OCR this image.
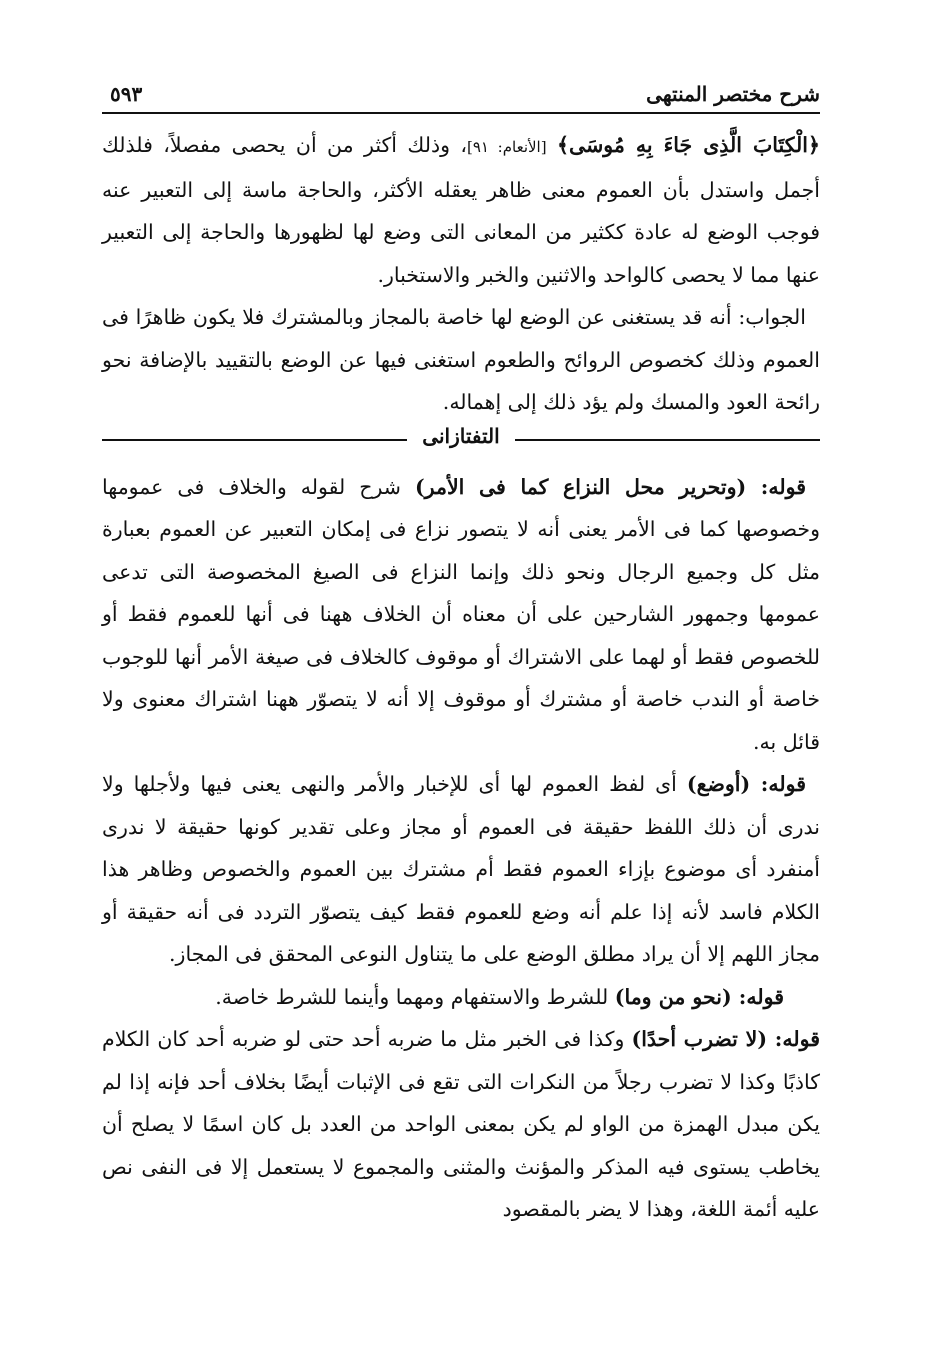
شرح مختصر المنتهى
٥٩٣

﴿الْكِتَابَ الَّذِى جَاءَ بِهِ مُوسَى﴾ [الأنعام: ٩١]، وذلك أكثر من أن يحصى مفصلاً، فلذلك أجمل واستدل بأن العموم معنى ظاهر يعقله الأكثر، والحاجة ماسة إلى التعبير عنه فوجب الوضع له عادة ككثير من المعانى التى وضع لها لظهورها والحاجة إلى التعبير عنها مما لا يحصى كالواحد والاثنين والخبر والاستخبار.

الجواب: أنه قد يستغنى عن الوضع لها خاصة بالمجاز وبالمشترك فلا يكون ظاهرًا فى العموم وذلك كخصوص الروائح والطعوم استغنى فيها عن الوضع بالتقييد بالإضافة نحو رائحة العود والمسك ولم يؤد ذلك إلى إهماله.

التفتازانى

قوله: (وتحرير محل النزاع كما فى الأمر) شرح لقوله والخلاف فى عمومها وخصوصها كما فى الأمر يعنى أنه لا يتصور نزاع فى إمكان التعبير عن العموم بعبارة مثل كل وجميع الرجال ونحو ذلك وإنما النزاع فى الصيغ المخصوصة التى تدعى عمومها وجمهور الشارحين على أن معناه أن الخلاف ههنا فى أنها للعموم فقط أو للخصوص فقط أو لهما على الاشتراك أو موقوف كالخلاف فى صيغة الأمر أنها للوجوب خاصة أو الندب خاصة أو مشترك أو موقوف إلا أنه لا يتصوّر ههنا اشتراك معنوى ولا قائل به.

قوله: (أوضع) أى لفظ العموم لها أى للإخبار والأمر والنهى يعنى فيها ولأجلها ولا ندرى أن ذلك اللفظ حقيقة فى العموم أو مجاز وعلى تقدير كونها حقيقة لا ندرى أمنفرد أى موضوع بإزاء العموم فقط أم مشترك بين العموم والخصوص وظاهر هذا الكلام فاسد لأنه إذا علم أنه وضع للعموم فقط كيف يتصوّر التردد فى أنه حقيقة أو مجاز اللهم إلا أن يراد مطلق الوضع على ما يتناول النوعى المحقق فى المجاز.

قوله: (نحو من وما) للشرط والاستفهام ومهما وأينما للشرط خاصة.

قوله: (لا تضرب أحدًا) وكذا فى الخبر مثل ما ضربه أحد حتى لو ضربه أحد كان الكلام كاذبًا وكذا لا تضرب رجلاً من النكرات التى تقع فى الإثبات أيضًا بخلاف أحد فإنه إذا لم يكن مبدل الهمزة من الواو لم يكن بمعنى الواحد من العدد بل كان اسمًا لا يصلح أن يخاطب يستوى فيه المذكر والمؤنث والمثنى والمجموع لا يستعمل إلا فى النفى نص عليه أئمة اللغة، وهذا لا يضر بالمقصود
